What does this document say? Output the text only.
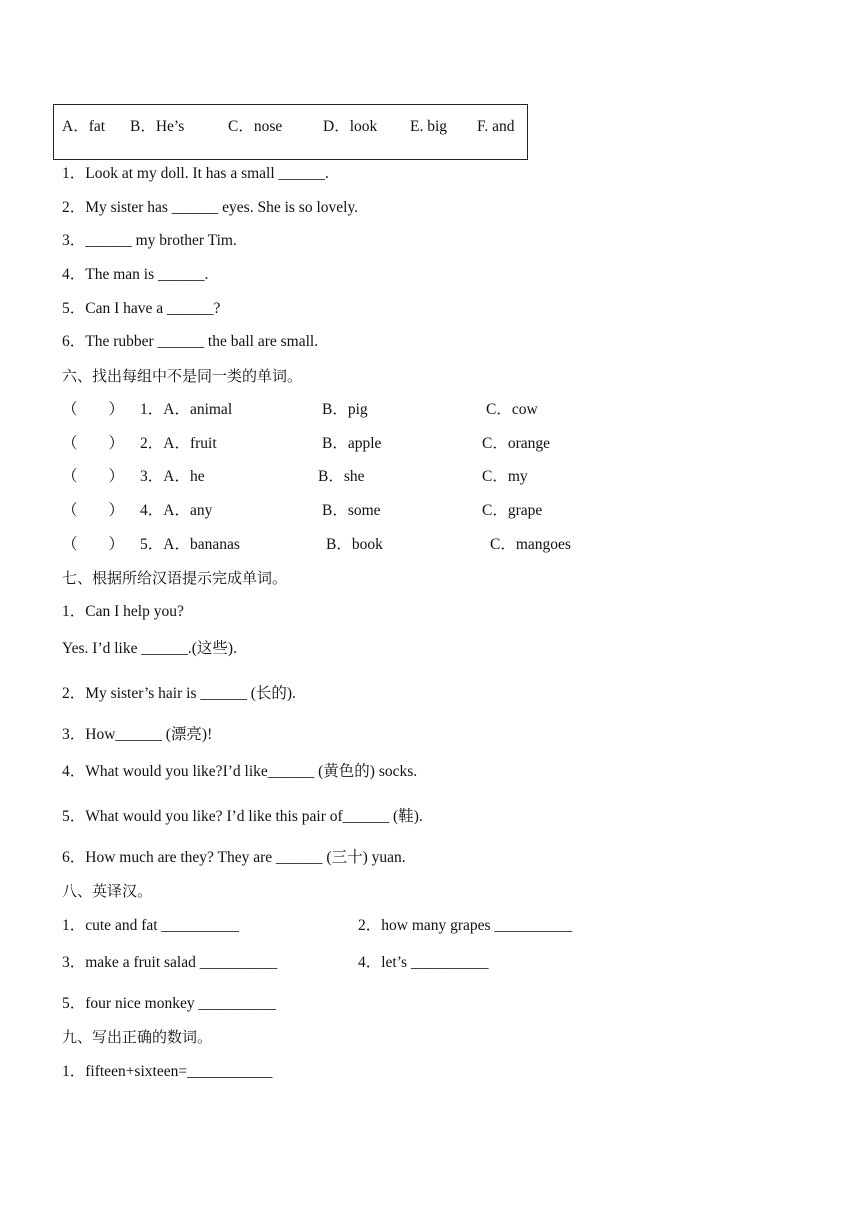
A．fat B．He’s	C．nose	D．look E. big F. and
1．Look at my doll. It has a small ______.
2．My sister has ______ eyes. She is so lovely.
3．______ my brother Tim.
4．The man is ______.
5．Can I have a ______?
6．The rubber ______ the ball are small.
六、找出每组中不是同一类的单词。
（        ） 1．A．animal	B．pig	C．cow
（        ） 2．A．fruit	B．apple	C．orange
（        ） 3．A．he	B．she	C．my
（        ） 4．A．any	B．some	C．grape
（        ） 5．A．bananas	B．book	C．mangoes
七、根据所给汉语提示完成单词。
1．Can I help you?
Yes. I’d like ______.(这些).
2．My sister’s hair is ______ (长的).
3．How______ (漂亮)!
4．What would you like?I’d like______ (黄色的) socks.
5．What would you like? I’d like this pair of______ (鞋).
6．How much are they? They are ______ (三十) yuan.
八、英译汉。
1．cute and fat __________	2．how many grapes __________
3．make a fruit salad __________	4．let’s __________
5．four nice monkey __________
九、写出正确的数词。
1．fifteen+sixteen=___________
